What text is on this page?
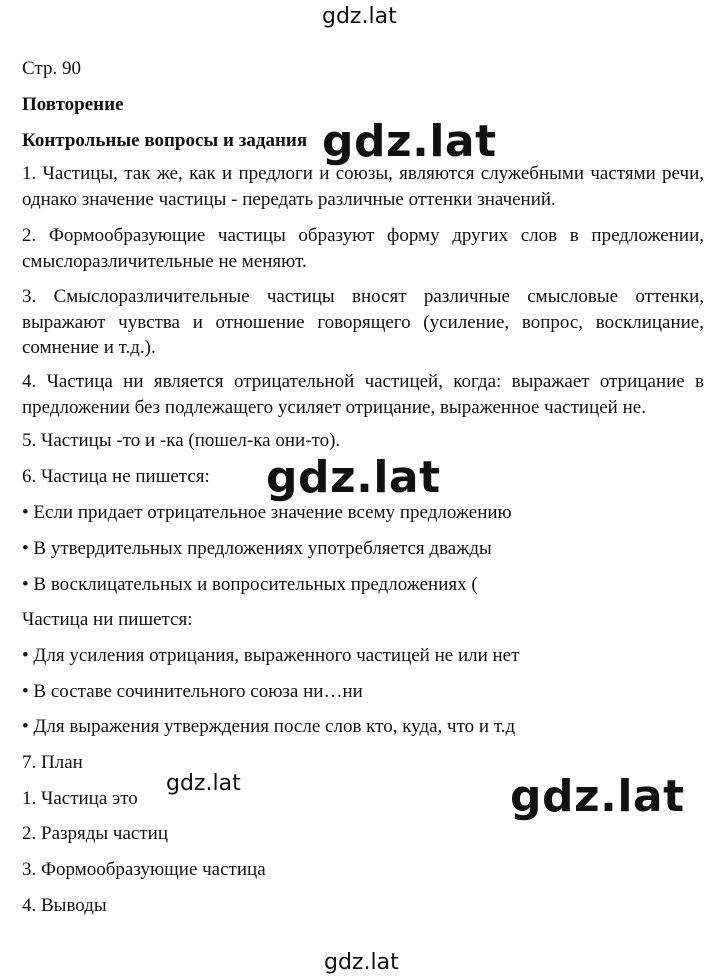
gdz.lat
Стр. 90
Повторение
Контрольные вопросы и задания
1. Частицы, так же, как и предлоги и союзы, являются служебными частями речи, однако значение частицы - передать различные оттенки значений.
2. Формообразующие частицы образуют форму других слов в предложении, смыслоразличительные не меняют.
3. Смыслоразличительные частицы вносят различные смысловые оттенки, выражают чувства и отношение говорящего (усиление, вопрос, восклицание, сомнение и т.д.).
4. Частица ни является отрицательной частицей, когда: выражает отрицание в предложении без подлежащего усиляет отрицание, выраженное частицей не.
5. Частицы -то и -ка (пошел-ка они-то).
6. Частица не пишется:
• Если придает отрицательное значение всему предложению
• В утвердительных предложениях употребляется дважды
• В восклицательных и вопросительных предложениях (
Частица ни пишется:
• Для усиления отрицания, выраженного частицей не или нет
• В составе сочинительного союза ни…ни
• Для выражения утверждения после слов кто, куда, что и т.д
7. План
1. Частица это
2. Разряды частиц
3. Формообразующие частица
4. Выводы
gdz.lat
gdz.lat
gdz.lat	gdz.lat
gdz.lat
